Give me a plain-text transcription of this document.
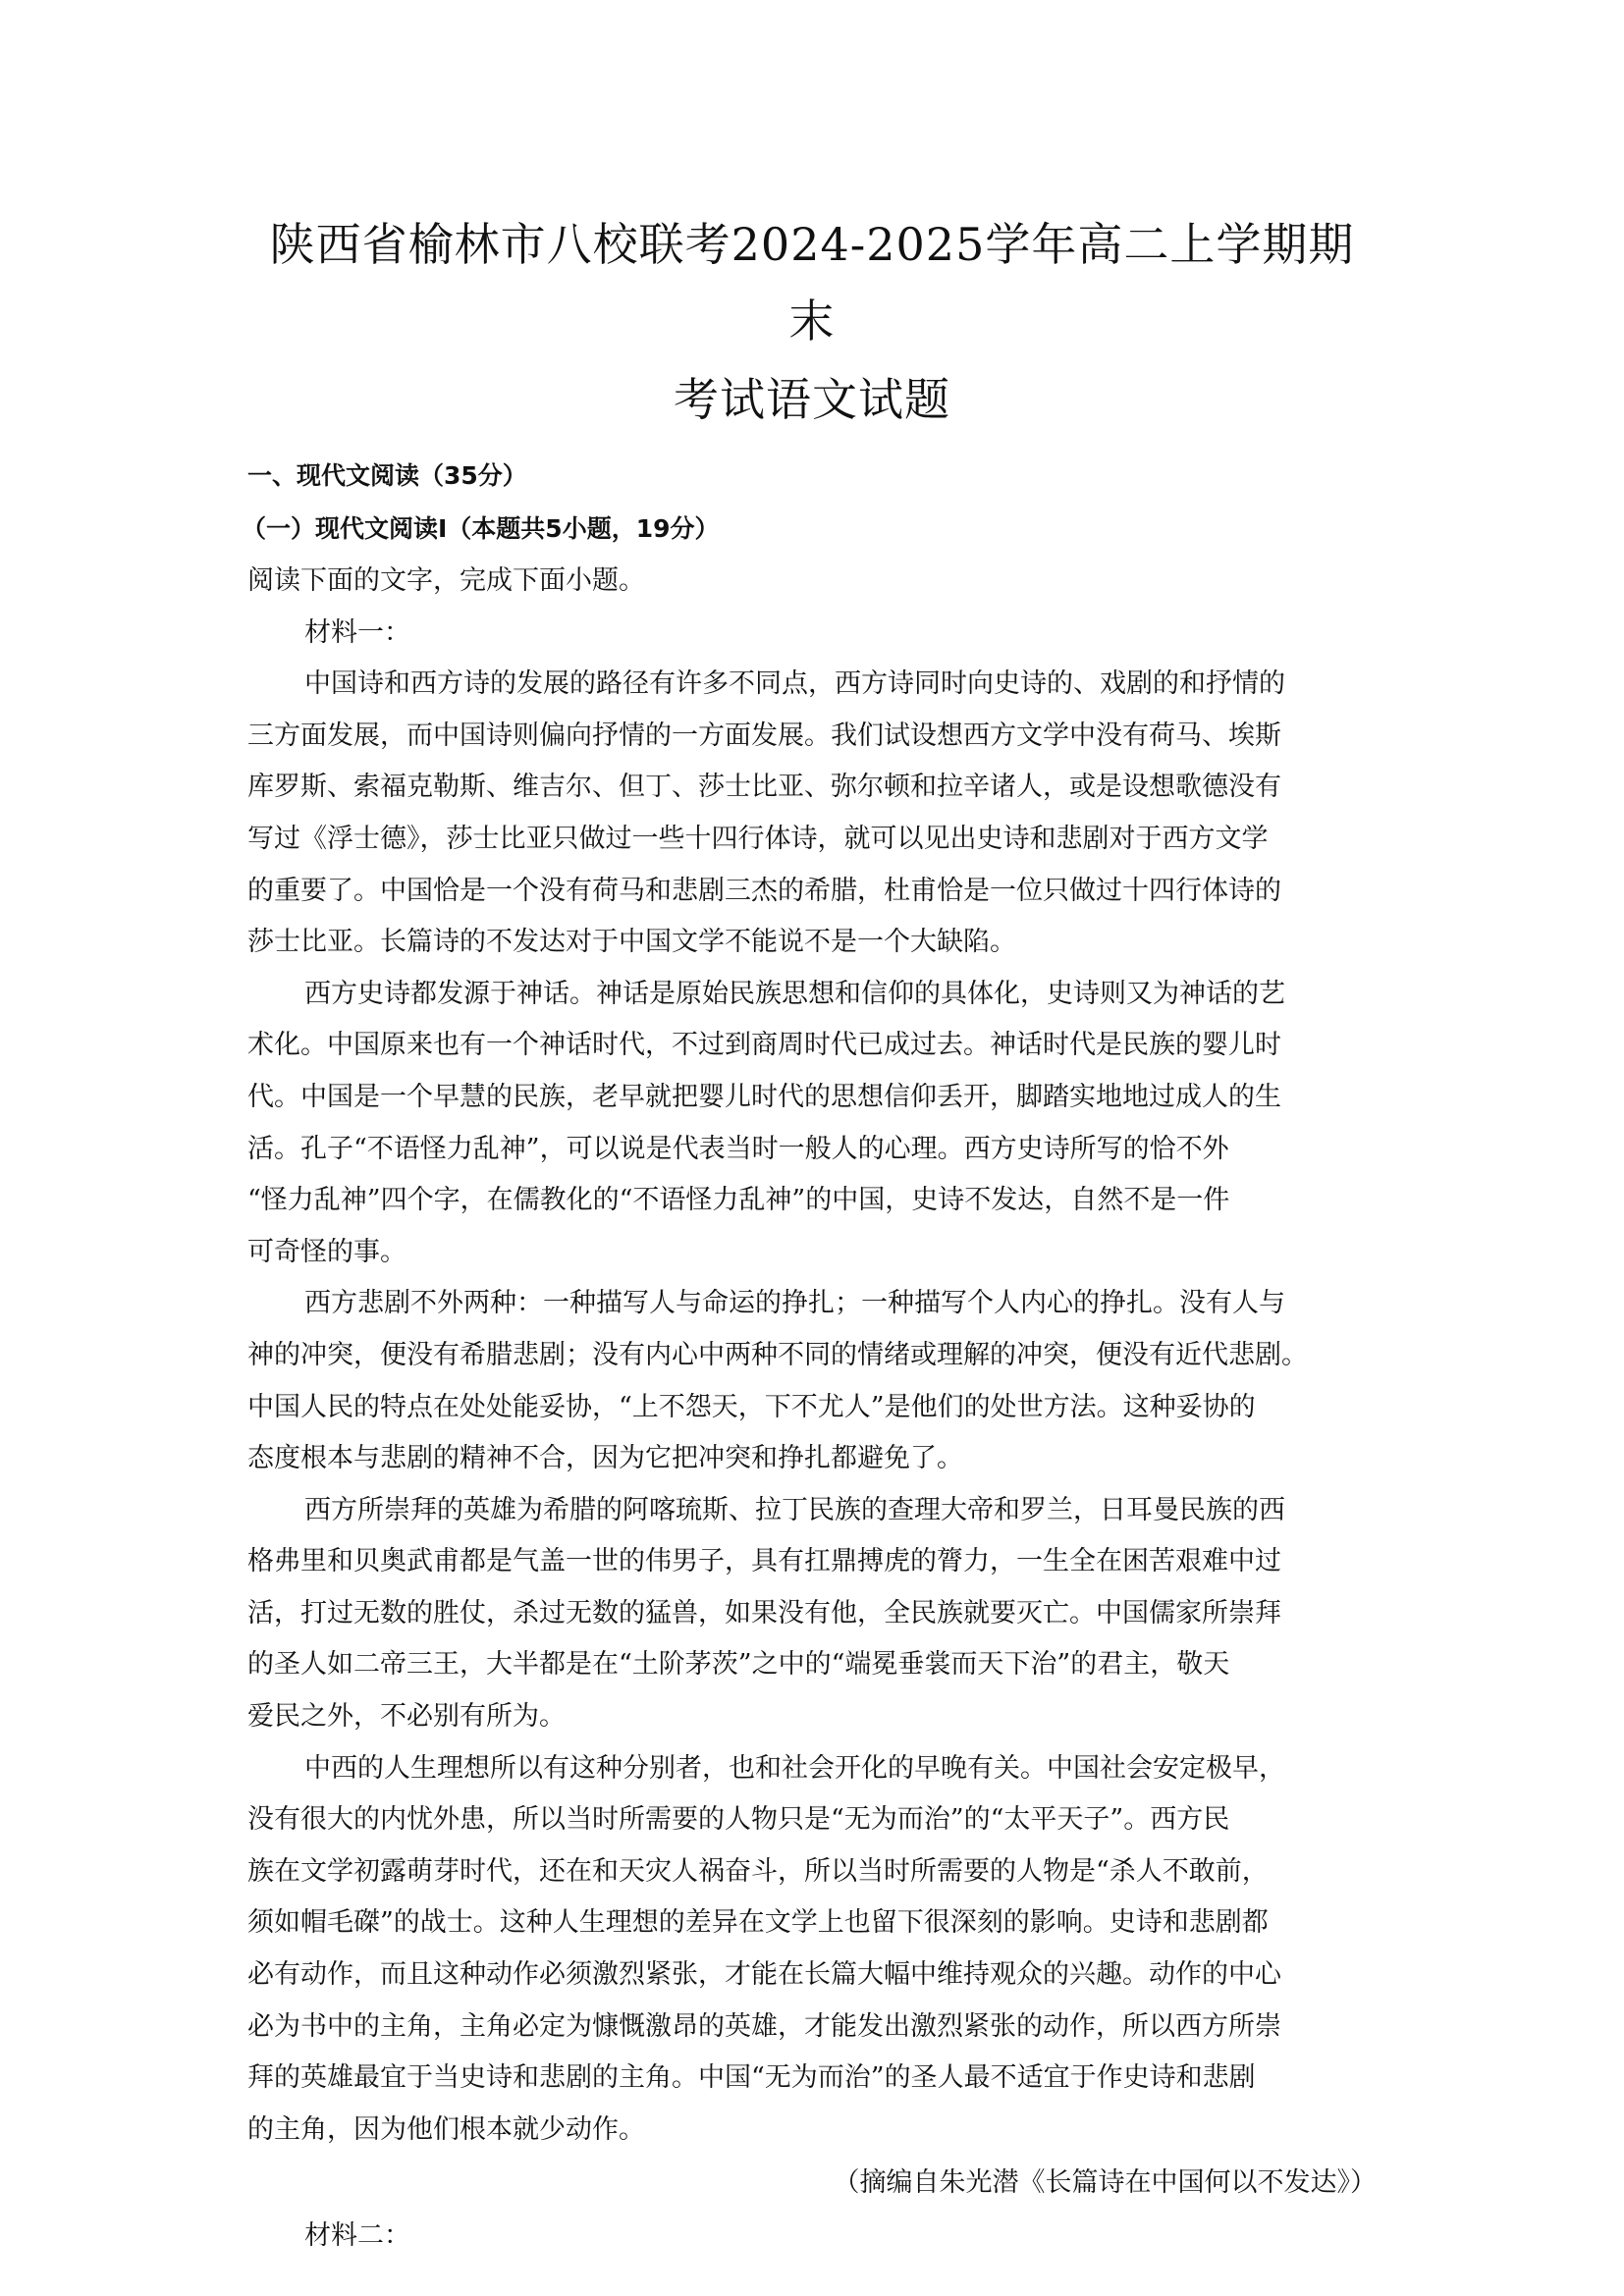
陕西省榆林市八校联考2024-2025学年高二上学期期末
考试语文试题

一、现代文阅读（35分）

（一）现代文阅读I（本题共5小题，19分）

阅读下面的文字，完成下面小题。

材料一：

中国诗和西方诗的发展的路径有许多不同点，西方诗同时向史诗的、戏剧的和抒情的

三方面发展，而中国诗则偏向抒情的一方面发展。我们试设想西方文学中没有荷马、埃斯

库罗斯、索福克勒斯、维吉尔、但丁、莎士比亚、弥尔顿和拉辛诸人，或是设想歌德没有

写过《浮士德》，莎士比亚只做过一些十四行体诗，就可以见出史诗和悲剧对于西方文学

的重要了。中国恰是一个没有荷马和悲剧三杰的希腊，杜甫恰是一位只做过十四行体诗的

莎士比亚。长篇诗的不发达对于中国文学不能说不是一个大缺陷。

西方史诗都发源于神话。神话是原始民族思想和信仰的具体化，史诗则又为神话的艺

术化。中国原来也有一个神话时代，不过到商周时代已成过去。神话时代是民族的婴儿时

代。中国是一个早慧的民族，老早就把婴儿时代的思想信仰丢开，脚踏实地地过成人的生

活。孔子“不语怪力乱神”，可以说是代表当时一般人的心理。西方史诗所写的恰不外

“怪力乱神”四个字，在儒教化的“不语怪力乱神”的中国，史诗不发达，自然不是一件

可奇怪的事。

西方悲剧不外两种：一种描写人与命运的挣扎；一种描写个人内心的挣扎。没有人与

神的冲突，便没有希腊悲剧；没有内心中两种不同的情绪或理解的冲突，便没有近代悲剧。

中国人民的特点在处处能妥协，“上不怨天，下不尤人”是他们的处世方法。这种妥协的

态度根本与悲剧的精神不合，因为它把冲突和挣扎都避免了。

西方所崇拜的英雄为希腊的阿喀琉斯、拉丁民族的查理大帝和罗兰，日耳曼民族的西

格弗里和贝奥武甫都是气盖一世的伟男子，具有扛鼎搏虎的膂力，一生全在困苦艰难中过

活，打过无数的胜仗，杀过无数的猛兽，如果没有他，全民族就要灭亡。中国儒家所崇拜

的圣人如二帝三王，大半都是在“土阶茅茨”之中的“端冕垂裳而天下治”的君主，敬天

爱民之外，不必别有所为。

中西的人生理想所以有这种分别者，也和社会开化的早晚有关。中国社会安定极早，

没有很大的内忧外患，所以当时所需要的人物只是“无为而治”的“太平天子”。西方民

族在文学初露萌芽时代，还在和天灾人祸奋斗，所以当时所需要的人物是“杀人不敢前，

须如帽毛磔”的战士。这种人生理想的差异在文学上也留下很深刻的影响。史诗和悲剧都

必有动作，而且这种动作必须激烈紧张，才能在长篇大幅中维持观众的兴趣。动作的中心

必为书中的主角，主角必定为慷慨激昂的英雄，才能发出激烈紧张的动作，所以西方所崇

拜的英雄最宜于当史诗和悲剧的主角。中国“无为而治”的圣人最不适宜于作史诗和悲剧

的主角，因为他们根本就少动作。

（摘编自朱光潜《长篇诗在中国何以不发达》）

材料二：
